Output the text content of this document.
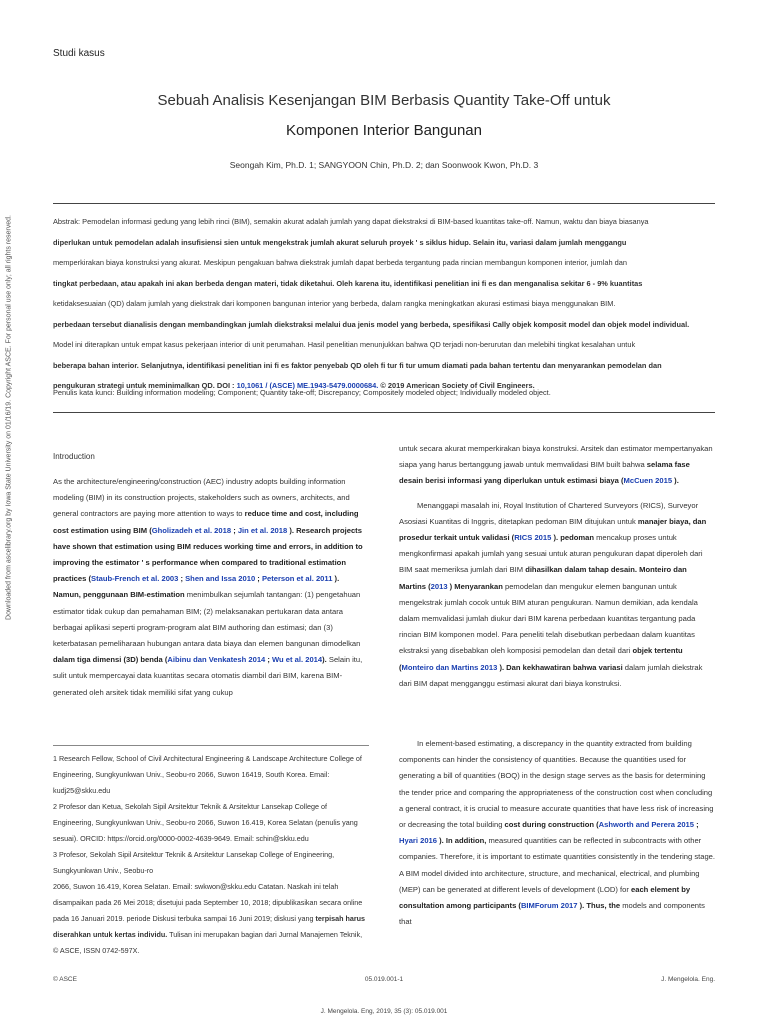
Downloaded from ascelibrary.org by Iowa State University on 01/16/19. Copyright ASCE. For personal use only; all rights reserved.
Studi kasus
Sebuah Analisis Kesenjangan BIM Berbasis Quantity Take-Off untuk
Komponen Interior Bangunan
Seongah Kim, Ph.D. 1; SANGYOON Chin, Ph.D. 2; dan Soonwook Kwon, Ph.D. 3
Abstrak: Pemodelan informasi gedung yang lebih rinci (BIM), semakin akurat adalah jumlah yang dapat diekstraksi di BIM-based kuantitas take-off. Namun, waktu dan biaya biasanya
diperlukan untuk pemodelan adalah insufisiensi sien untuk mengekstrak jumlah akurat seluruh proyek ' s siklus hidup. Selain itu, variasi dalam jumlah menggangu
memperkirakan biaya konstruksi yang akurat. Meskipun pengakuan bahwa diekstrak jumlah dapat berbeda tergantung pada rincian membangun komponen interior, jumlah dan
tingkat perbedaan, atau apakah ini akan berbeda dengan materi, tidak diketahui. Oleh karena itu, identifikasi penelitian ini fi es dan menganalisa sekitar 6 - 9% kuantitas
ketidaksesuaian (QD) dalam jumlah yang diekstrak dari komponen bangunan interior yang berbeda, dalam rangka meningkatkan akurasi estimasi biaya menggunakan BIM.
perbedaan tersebut dianalisis dengan membandingkan jumlah diekstraksi melalui dua jenis model yang berbeda, spesifikasi Cally objek komposit model dan objek model individual.
Model ini diterapkan untuk empat kasus pekerjaan interior di unit perumahan. Hasil penelitian menunjukkan bahwa QD terjadi non-berurutan dan melebihi tingkat kesalahan untuk
beberapa bahan interior. Selanjutnya, identifikasi penelitian ini fi es faktor penyebab QD oleh fi tur fi tur umum diamati pada bahan tertentu dan menyarankan pemodelan dan
pengukuran strategi untuk meminimalkan QD. DOI : 10,1061 / (ASCE) ME.1943-5479.0000684. © 2019 American Society of Civil Engineers.
Penulis kata kunci: Building information modeling; Component; Quantity take-off; Discrepancy; Compositely modeled object; Individually modeled object.
Introduction

As the architecture/engineering/construction (AEC) industry adopts building information modeling (BIM) in its construction projects, stakeholders such as owners, architects, and general contractors are paying more attention to ways to reduce time and cost, including cost estimation using BIM (Gholizadeh et al. 2018 ; Jin et al. 2018 ). Research projects have shown that estimation using BIM reduces working time and errors, in addition to improving the estimator ' s performance when compared to traditional estimation practices (Staub-French et al. 2003 ; Shen and Issa 2010 ; Peterson et al. 2011 ). Namun, penggunaan BIM-estimation menimbulkan sejumlah tantangan: (1) pengetahuan estimator tidak cukup dan pemahaman BIM; (2) melaksanakan pertukaran data antara berbagai aplikasi seperti program-program alat BIM authoring dan estimasi; dan (3) keterbatasan pemeliharaan hubungan antara data biaya dan elemen bangunan dimodelkan dalam tiga dimensi (3D) benda (Aibinu dan Venkatesh 2014 ; Wu et al. 2014). Selain itu, sulit untuk mempercayai data kuantitas secara otomatis diambil dari BIM, karena BIM-generated oleh arsitek tidak memiliki sifat yang cukup

untuk secara akurat memperkirakan biaya konstruksi. Arsitek dan estimator mempertanyakan siapa yang harus bertanggung jawab untuk memvalidasi BIM built bahwa selama fase desain berisi informasi yang diperlukan untuk estimasi biaya (McCuen 2015 ).

Menanggapi masalah ini, Royal Institution of Chartered Surveyors (RICS), Surveyor Asosiasi Kuantitas di Inggris, ditetapkan pedoman BIM ditujukan untuk manajer biaya, dan prosedur terkait untuk validasi (RICS 2015 ). pedoman mencakup proses untuk mengkonfirmasi apakah jumlah yang sesuai untuk aturan pengukuran dapat diperoleh dari BIM saat memeriksa jumlah dari BIM dihasilkan dalam tahap desain. Monteiro dan Martins (2013 ) Menyarankan pemodelan dan mengukur elemen bangunan untuk mengekstrak jumlah cocok untuk BIM aturan pengukuran. Namun demikian, ada kendala dalam memvalidasi jumlah diukur dari BIM karena perbedaan kuantitas tergantung pada rincian BIM komponen model. Para peneliti telah disebutkan perbedaan dalam kuantitas ekstraksi yang disebabkan oleh komposisi pemodelan dan detail dari objek tertentu (Monteiro dan Martins 2013 ). Dan kekhawatiran bahwa variasi dalam jumlah diekstrak dari BIM dapat mengganggu estimasi akurat dari biaya konstruksi.

1 Research Fellow, School of Civil Architectural Engineering & Landscape Architecture College of Engineering, Sungkyunkwan Univ., Seobu-ro 2066, Suwon 16419, South Korea. Email: kudj25@skku.edu
2 Profesor dan Ketua, Sekolah Sipil Arsitektur Teknik & Arsitektur Lansekap College of Engineering, Sungkyunkwan Univ., Seobu-ro 2066, Suwon 16.419, Korea Selatan (penulis yang sesuai). ORCID: https://orcid.org/0000-0002-4639-9649. Email: schin@skku.edu
3 Profesor, Sekolah Sipil Arsitektur Teknik & Arsitektur Lansekap College of Engineering, Sungkyunkwan Univ., Seobu-ro
2066, Suwon 16.419, Korea Selatan. Email: swkwon@skku.edu Catatan. Naskah ini telah disampaikan pada 26 Mei 2018; disetujui pada September 10, 2018; dipublikasikan secara online pada 16 Januari 2019. periode Diskusi terbuka sampai 16 Juni 2019; diskusi yang terpisah harus diserahkan untuk kertas individu. Tulisan ini merupakan bagian dari Jurnal Manajemen Teknik, © ASCE, ISSN 0742-597X.

In element-based estimating, a discrepancy in the quantity extracted from building components can hinder the consistency of quantities. Because the quantities used for generating a bill of quantities (BOQ) in the design stage serves as the basis for determining the tender price and comparing the appropriateness of the construction cost when concluding a general contract, it is crucial to measure accurate quantities that have less risk of increasing or decreasing the total building cost during construction (Ashworth and Perera 2015 ; Hyari 2016 ). In addition, measured quantities can be reflected in subcontracts with other companies. Therefore, it is important to estimate quantities consistently in the tendering stage. A BIM model divided into architecture, structure, and mechanical, electrical, and plumbing (MEP) can be generated at different levels of development (LOD) for each element by consultation among participants (BIMForum 2017 ). Thus, the models and components that

© ASCE	05.019.001-1	J. Mengelola. Eng.
J. Mengelola. Eng, 2019, 35 (3): 05.019.001
